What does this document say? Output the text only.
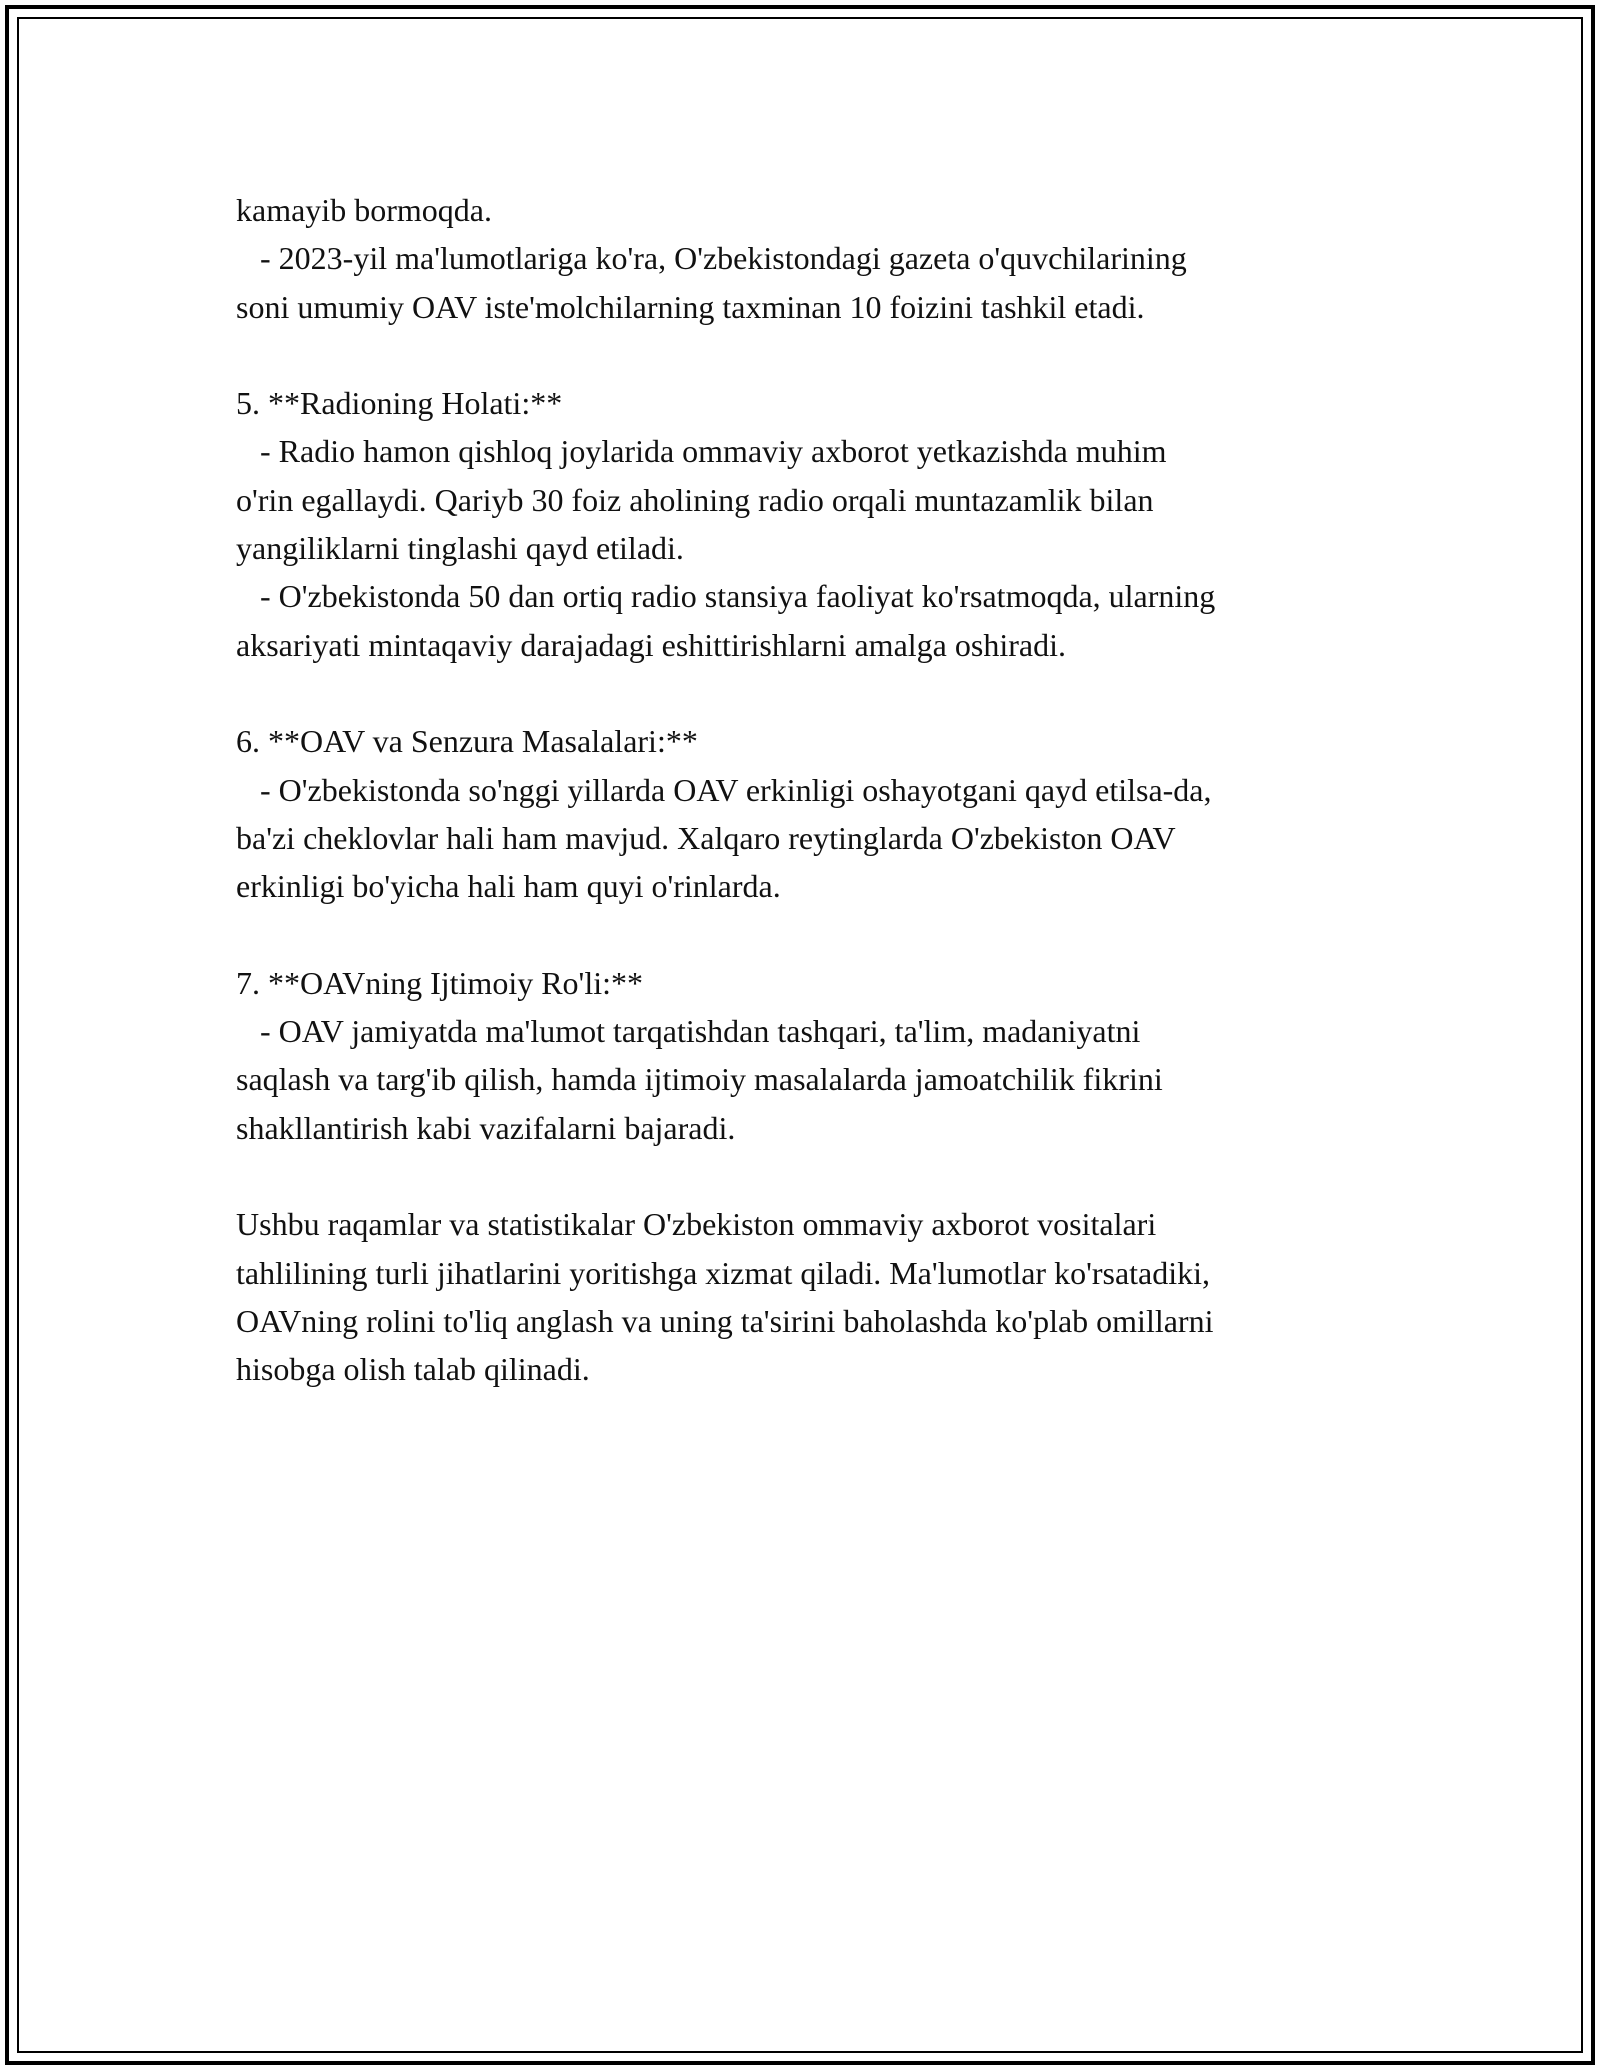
kamayib bormoqda.
- 2023-yil ma'lumotlariga ko'ra, O'zbekistondagi gazeta o'quvchilarining
soni umumiy OAV iste'molchilarning taxminan 10 foizini tashkil etadi.
5. **Radioning Holati:**
- Radio hamon qishloq joylarida ommaviy axborot yetkazishda muhim
o'rin egallaydi. Qariyb 30 foiz aholining radio orqali muntazamlik bilan
yangiliklarni tinglashi qayd etiladi.
- O'zbekistonda 50 dan ortiq radio stansiya faoliyat ko'rsatmoqda, ularning
aksariyati mintaqaviy darajadagi eshittirishlarni amalga oshiradi.
6. **OAV va Senzura Masalalari:**
- O'zbekistonda so'nggi yillarda OAV erkinligi oshayotgani qayd etilsa-da,
ba'zi cheklovlar hali ham mavjud. Xalqaro reytinglarda O'zbekiston OAV
erkinligi bo'yicha hali ham quyi o'rinlarda.
7. **OAVning Ijtimoiy Ro'li:**
- OAV jamiyatda ma'lumot tarqatishdan tashqari, ta'lim, madaniyatni
saqlash va targ'ib qilish, hamda ijtimoiy masalalarda jamoatchilik fikrini
shakllantirish kabi vazifalarni bajaradi.
Ushbu raqamlar va statistikalar O'zbekiston ommaviy axborot vositalari
tahlilining turli jihatlarini yoritishga xizmat qiladi. Ma'lumotlar ko'rsatadiki,
OAVning rolini to'liq anglash va uning ta'sirini baholashda ko'plab omillarni
hisobga olish talab qilinadi.
